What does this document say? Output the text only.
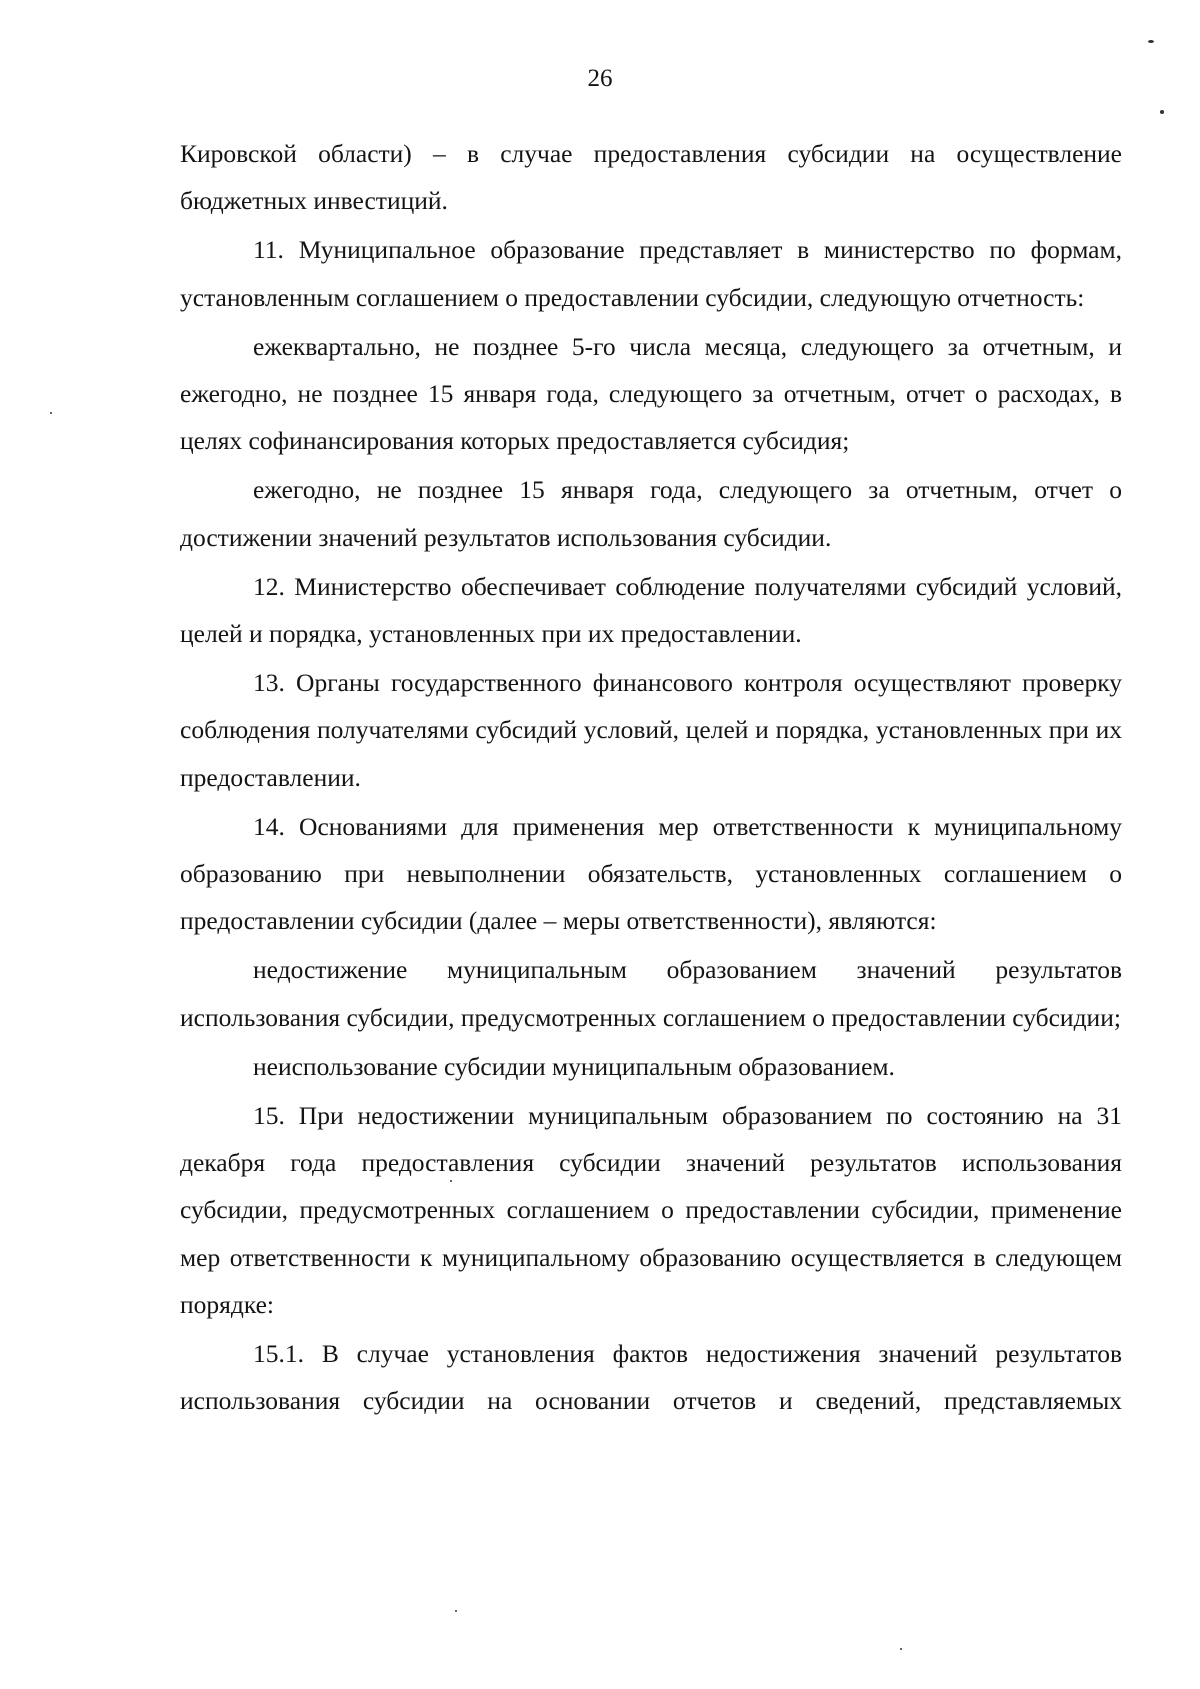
26

Кировской области) – в случае предоставления субсидии на осуществление бюджетных инвестиций.

11. Муниципальное образование представляет в министерство по формам, установленным соглашением о предоставлении субсидии, следующую отчетность:

ежеквартально, не позднее 5-го числа месяца, следующего за отчетным, и ежегодно, не позднее 15 января года, следующего за отчетным, отчет о расходах, в целях софинансирования которых предоставляется субсидия;

ежегодно, не позднее 15 января года, следующего за отчетным, отчет о достижении значений результатов использования субсидии.

12. Министерство обеспечивает соблюдение получателями субсидий условий, целей и порядка, установленных при их предоставлении.

13. Органы государственного финансового контроля осуществляют проверку соблюдения получателями субсидий условий, целей и порядка, установленных при их предоставлении.

14. Основаниями для применения мер ответственности к муниципальному образованию при невыполнении обязательств, установленных соглашением о предоставлении субсидии (далее – меры ответственности), являются:

недостижение муниципальным образованием значений результатов использования субсидии, предусмотренных соглашением о предоставлении субсидии;

неиспользование субсидии муниципальным образованием.

15. При недостижении муниципальным образованием по состоянию на 31 декабря года предоставления субсидии значений результатов использования субсидии, предусмотренных соглашением о предоставлении субсидии, применение мер ответственности к муниципальному образованию осуществляется в следующем порядке:

15.1. В случае установления фактов недостижения значений результатов использования субсидии на основании отчетов и сведений, представляемых
